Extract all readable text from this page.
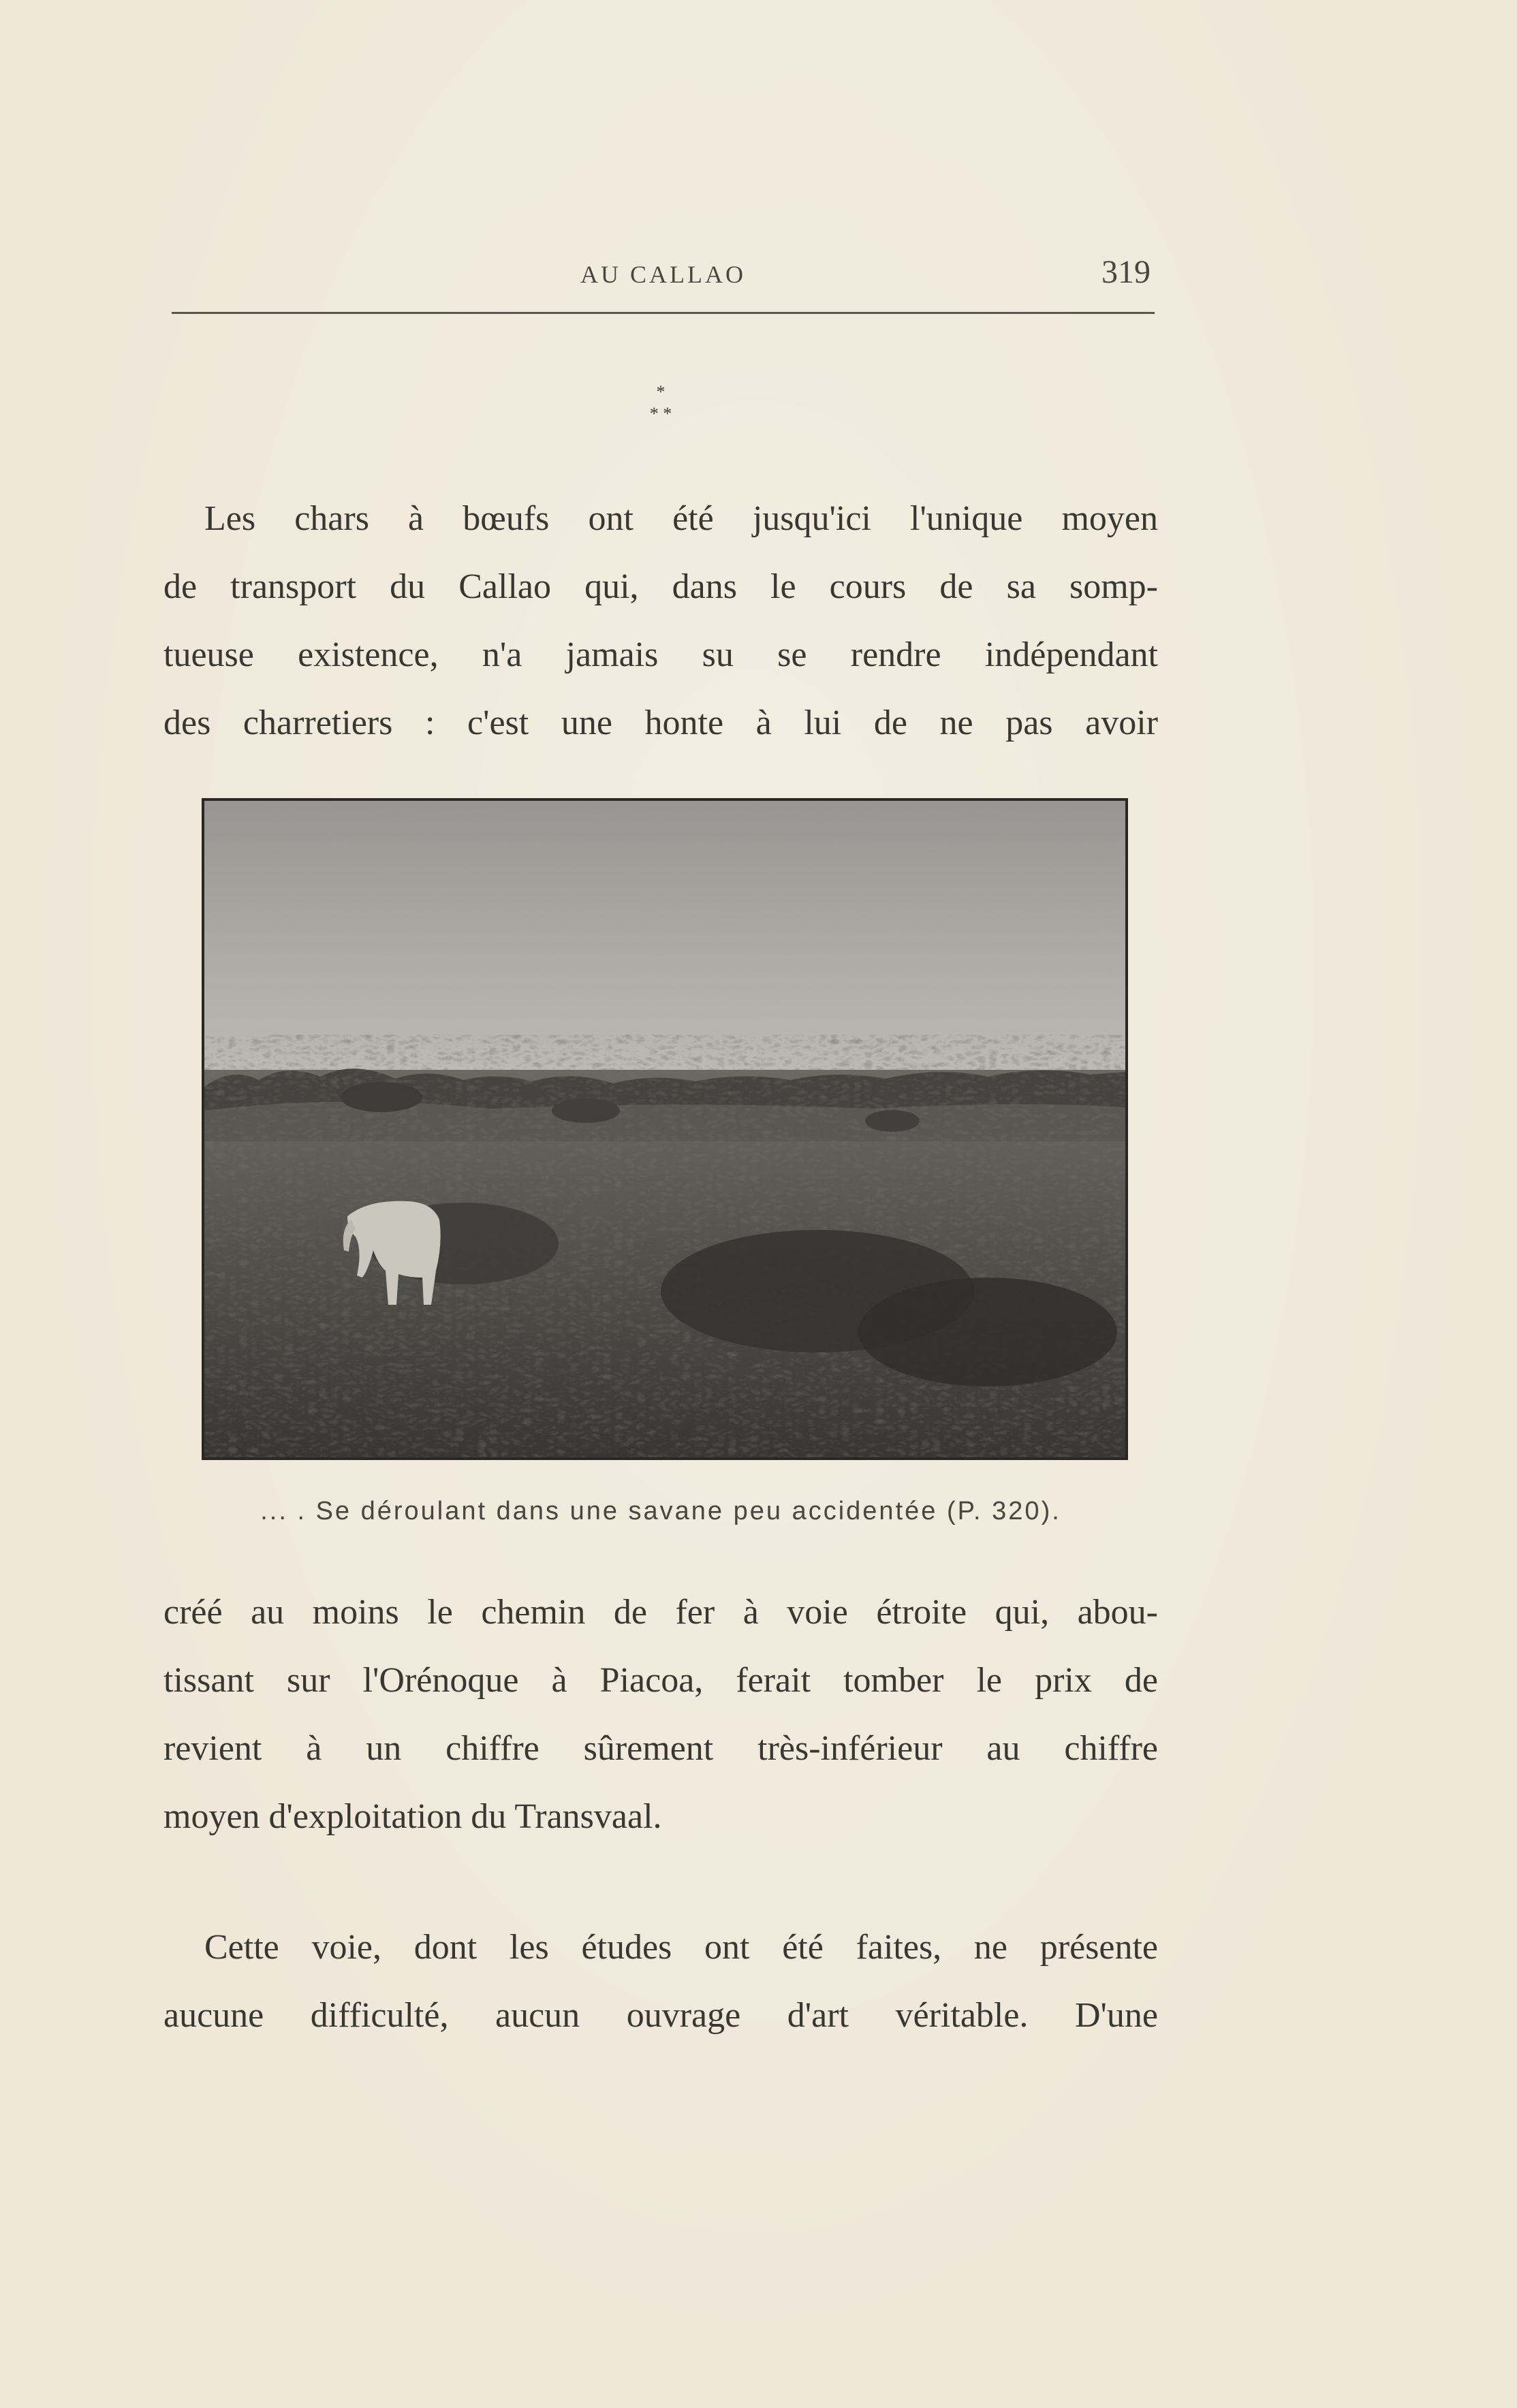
AU CALLAO	319
*
* *
Les chars à bœufs ont été jusqu'ici l'unique moyen
de transport du Callao qui, dans le cours de sa somp-
tueuse existence, n'a jamais su se rendre indépendant
des charretiers : c'est une honte à lui de ne pas avoir
... . Se déroulant dans une savane peu accidentée (P. 320).
créé au moins le chemin de fer à voie étroite qui, abou-
tissant sur l'Orénoque à Piacoa, ferait tomber le prix de
revient à un chiffre sûrement très-inférieur au chiffre
moyen d'exploitation du Transvaal.
Cette voie, dont les études ont été faites, ne présente
aucune difficulté, aucun ouvrage d'art véritable. D'une
